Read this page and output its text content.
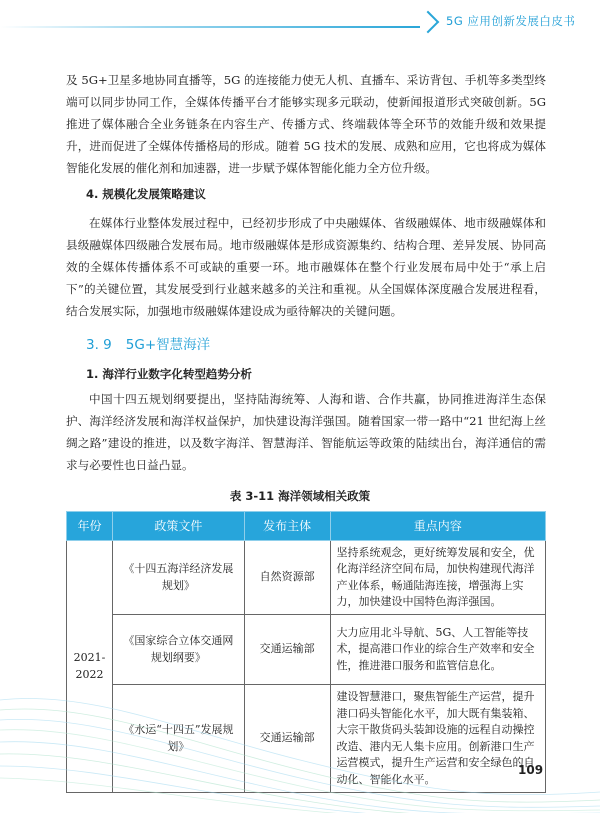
5G 应用创新发展白皮书

及 5G+卫星多地协同直播等，5G 的连接能力使无人机、直播车、采访背包、手机等多类型终端可以同步协同工作，全媒体传播平台才能够实现多元联动，使新闻报道形式突破创新。5G 推进了媒体融合全业务链条在内容生产、传播方式、终端载体等全环节的效能升级和效果提升，进而促进了全媒体传播格局的形成。随着 5G 技术的发展、成熟和应用，它也将成为媒体智能化发展的催化剂和加速器，进一步赋予媒体智能化能力全方位升级。

4. 规模化发展策略建议

在媒体行业整体发展过程中，已经初步形成了中央融媒体、省级融媒体、地市级融媒体和县级融媒体四级融合发展布局。地市级融媒体是形成资源集约、结构合理、差异发展、协同高效的全媒体传播体系不可或缺的重要一环。地市融媒体在整个行业发展布局中处于“承上启下”的关键位置，其发展受到行业越来越多的关注和重视。从全国媒体深度融合发展进程看，结合发展实际，加强地市级融媒体建设成为亟待解决的关键问题。

3. 9 5G+智慧海洋

1. 海洋行业数字化转型趋势分析

中国十四五规划纲要提出，坚持陆海统筹、人海和谐、合作共赢，协同推进海洋生态保护、海洋经济发展和海洋权益保护，加快建设海洋强国。随着国家一带一路中“21 世纪海上丝绸之路”建设的推进，以及数字海洋、智慧海洋、智能航运等政策的陆续出台，海洋通信的需求与必要性也日益凸显。

表 3-11 海洋领域相关政策
年份	政策文件	发布主体	重点内容
2021-2022	《十四五海洋经济发展规划》	自然资源部	坚持系统观念，更好统筹发展和安全，优化海洋经济空间布局，加快构建现代海洋产业体系，畅通陆海连接，增强海上实力，加快建设中国特色海洋强国。
	《国家综合立体交通网规划纲要》	交通运输部	大力应用北斗导航、5G、人工智能等技术，提高港口作业的综合生产效率和安全性，推进港口服务和监管信息化。
	《水运“十四五”发展规划》	交通运输部	建设智慧港口，聚焦智能生产运营，提升港口码头智能化水平，加大既有集装箱、大宗干散货码头装卸设施的远程自动操控改造、港内无人集卡应用。创新港口生产运营模式，提升生产运营和安全绿色的自动化、智能化水平。
109
